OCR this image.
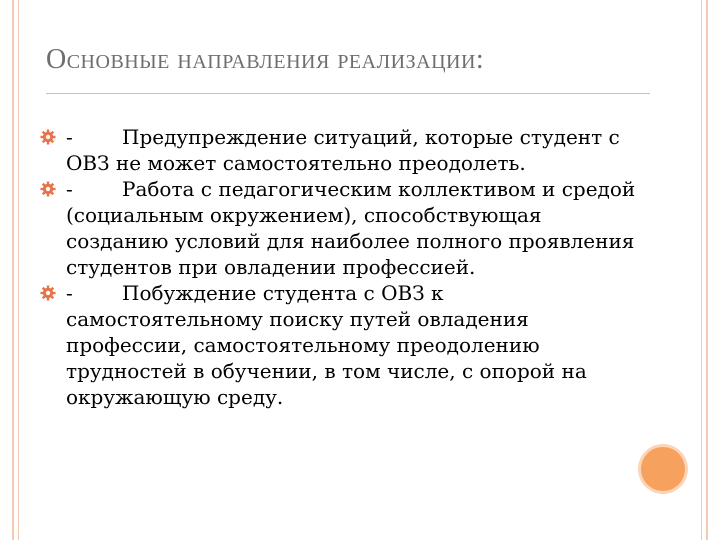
Основные направления реализации:
- Предупреждение ситуаций, которые студент с ОВЗ не может самостоятельно преодолеть.
- Работа с педагогическим коллективом и средой (социальным окружением), способствующая созданию условий для наиболее полного проявления студентов при овладении профессией.
- Побуждение студента с ОВЗ к самостоятельному поиску путей овладения профессии, самостоятельному преодолению трудностей в обучении, в том числе, с опорой на окружающую среду.
